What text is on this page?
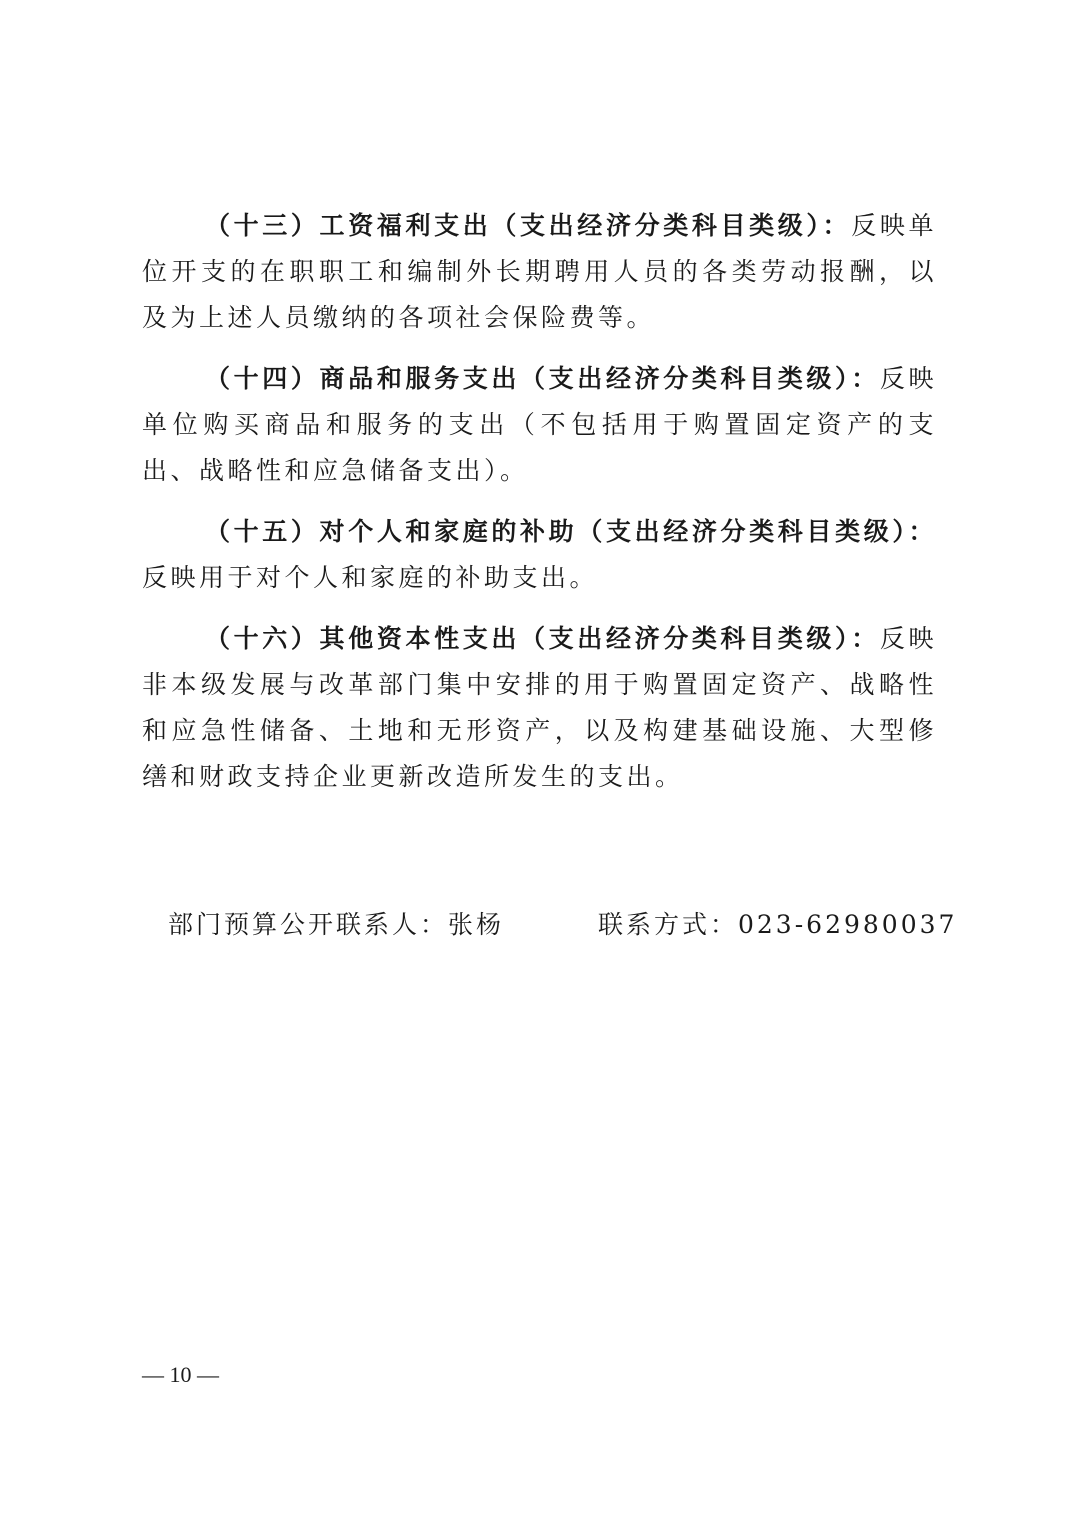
（十三）工资福利支出（支出经济分类科目类级）：反映单位开支的在职职工和编制外长期聘用人员的各类劳动报酬，以及为上述人员缴纳的各项社会保险费等。

（十四）商品和服务支出（支出经济分类科目类级）：反映单位购买商品和服务的支出（不包括用于购置固定资产的支出、战略性和应急储备支出）。

（十五）对个人和家庭的补助（支出经济分类科目类级）：反映用于对个人和家庭的补助支出。

（十六）其他资本性支出（支出经济分类科目类级）：反映非本级发展与改革部门集中安排的用于购置固定资产、战略性和应急性储备、土地和无形资产，以及构建基础设施、大型修缮和财政支持企业更新改造所发生的支出。

部门预算公开联系人：张杨	联系方式：023-62980037
— 10 —
